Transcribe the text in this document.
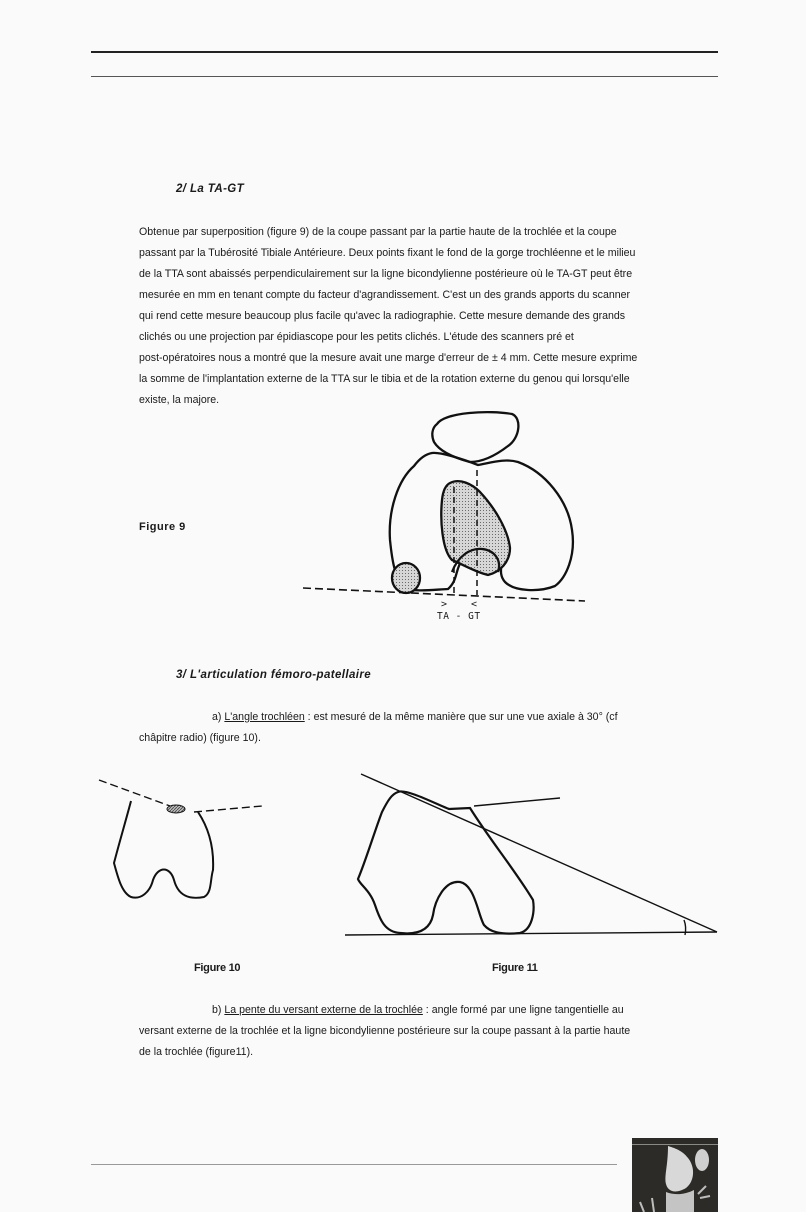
2/ La TA-GT
Obtenue par superposition (figure 9) de la coupe passant par la partie haute de la trochlée et la coupe
passant par la Tubérosité Tibiale Antérieure. Deux points fixant le fond de la gorge trochléenne et le milieu
de la TTA sont abaissés perpendiculairement sur la ligne bicondylienne postérieure où le TA-GT peut être
mesurée en mm en tenant compte du facteur d'agrandissement. C'est un des grands apports du scanner
qui rend cette mesure beaucoup plus facile qu'avec la radiographie. Cette mesure demande des grands
clichés ou une projection par épidiascope pour les petits clichés. L'étude des scanners pré et
post-opératoires nous a montré que la mesure avait une marge d'erreur de ± 4 mm. Cette mesure exprime
la somme de l'implantation externe de la TTA sur le tibia et de la rotation externe du genou qui lorsqu'elle
existe, la majore.
Figure 9
> <
TA - GT
3/ L'articulation fémoro-patellaire
a) L'angle trochléen : est mesuré de la même manière que sur une vue axiale à 30° (cf
châpitre radio) (figure 10).
Figure 10	Figure 11
b) La pente du versant externe de la trochlée : angle formé par une ligne tangentielle au
versant externe de la trochlée et la ligne bicondylienne postérieure sur la coupe passant à la partie haute
de la trochlée (figure11).
